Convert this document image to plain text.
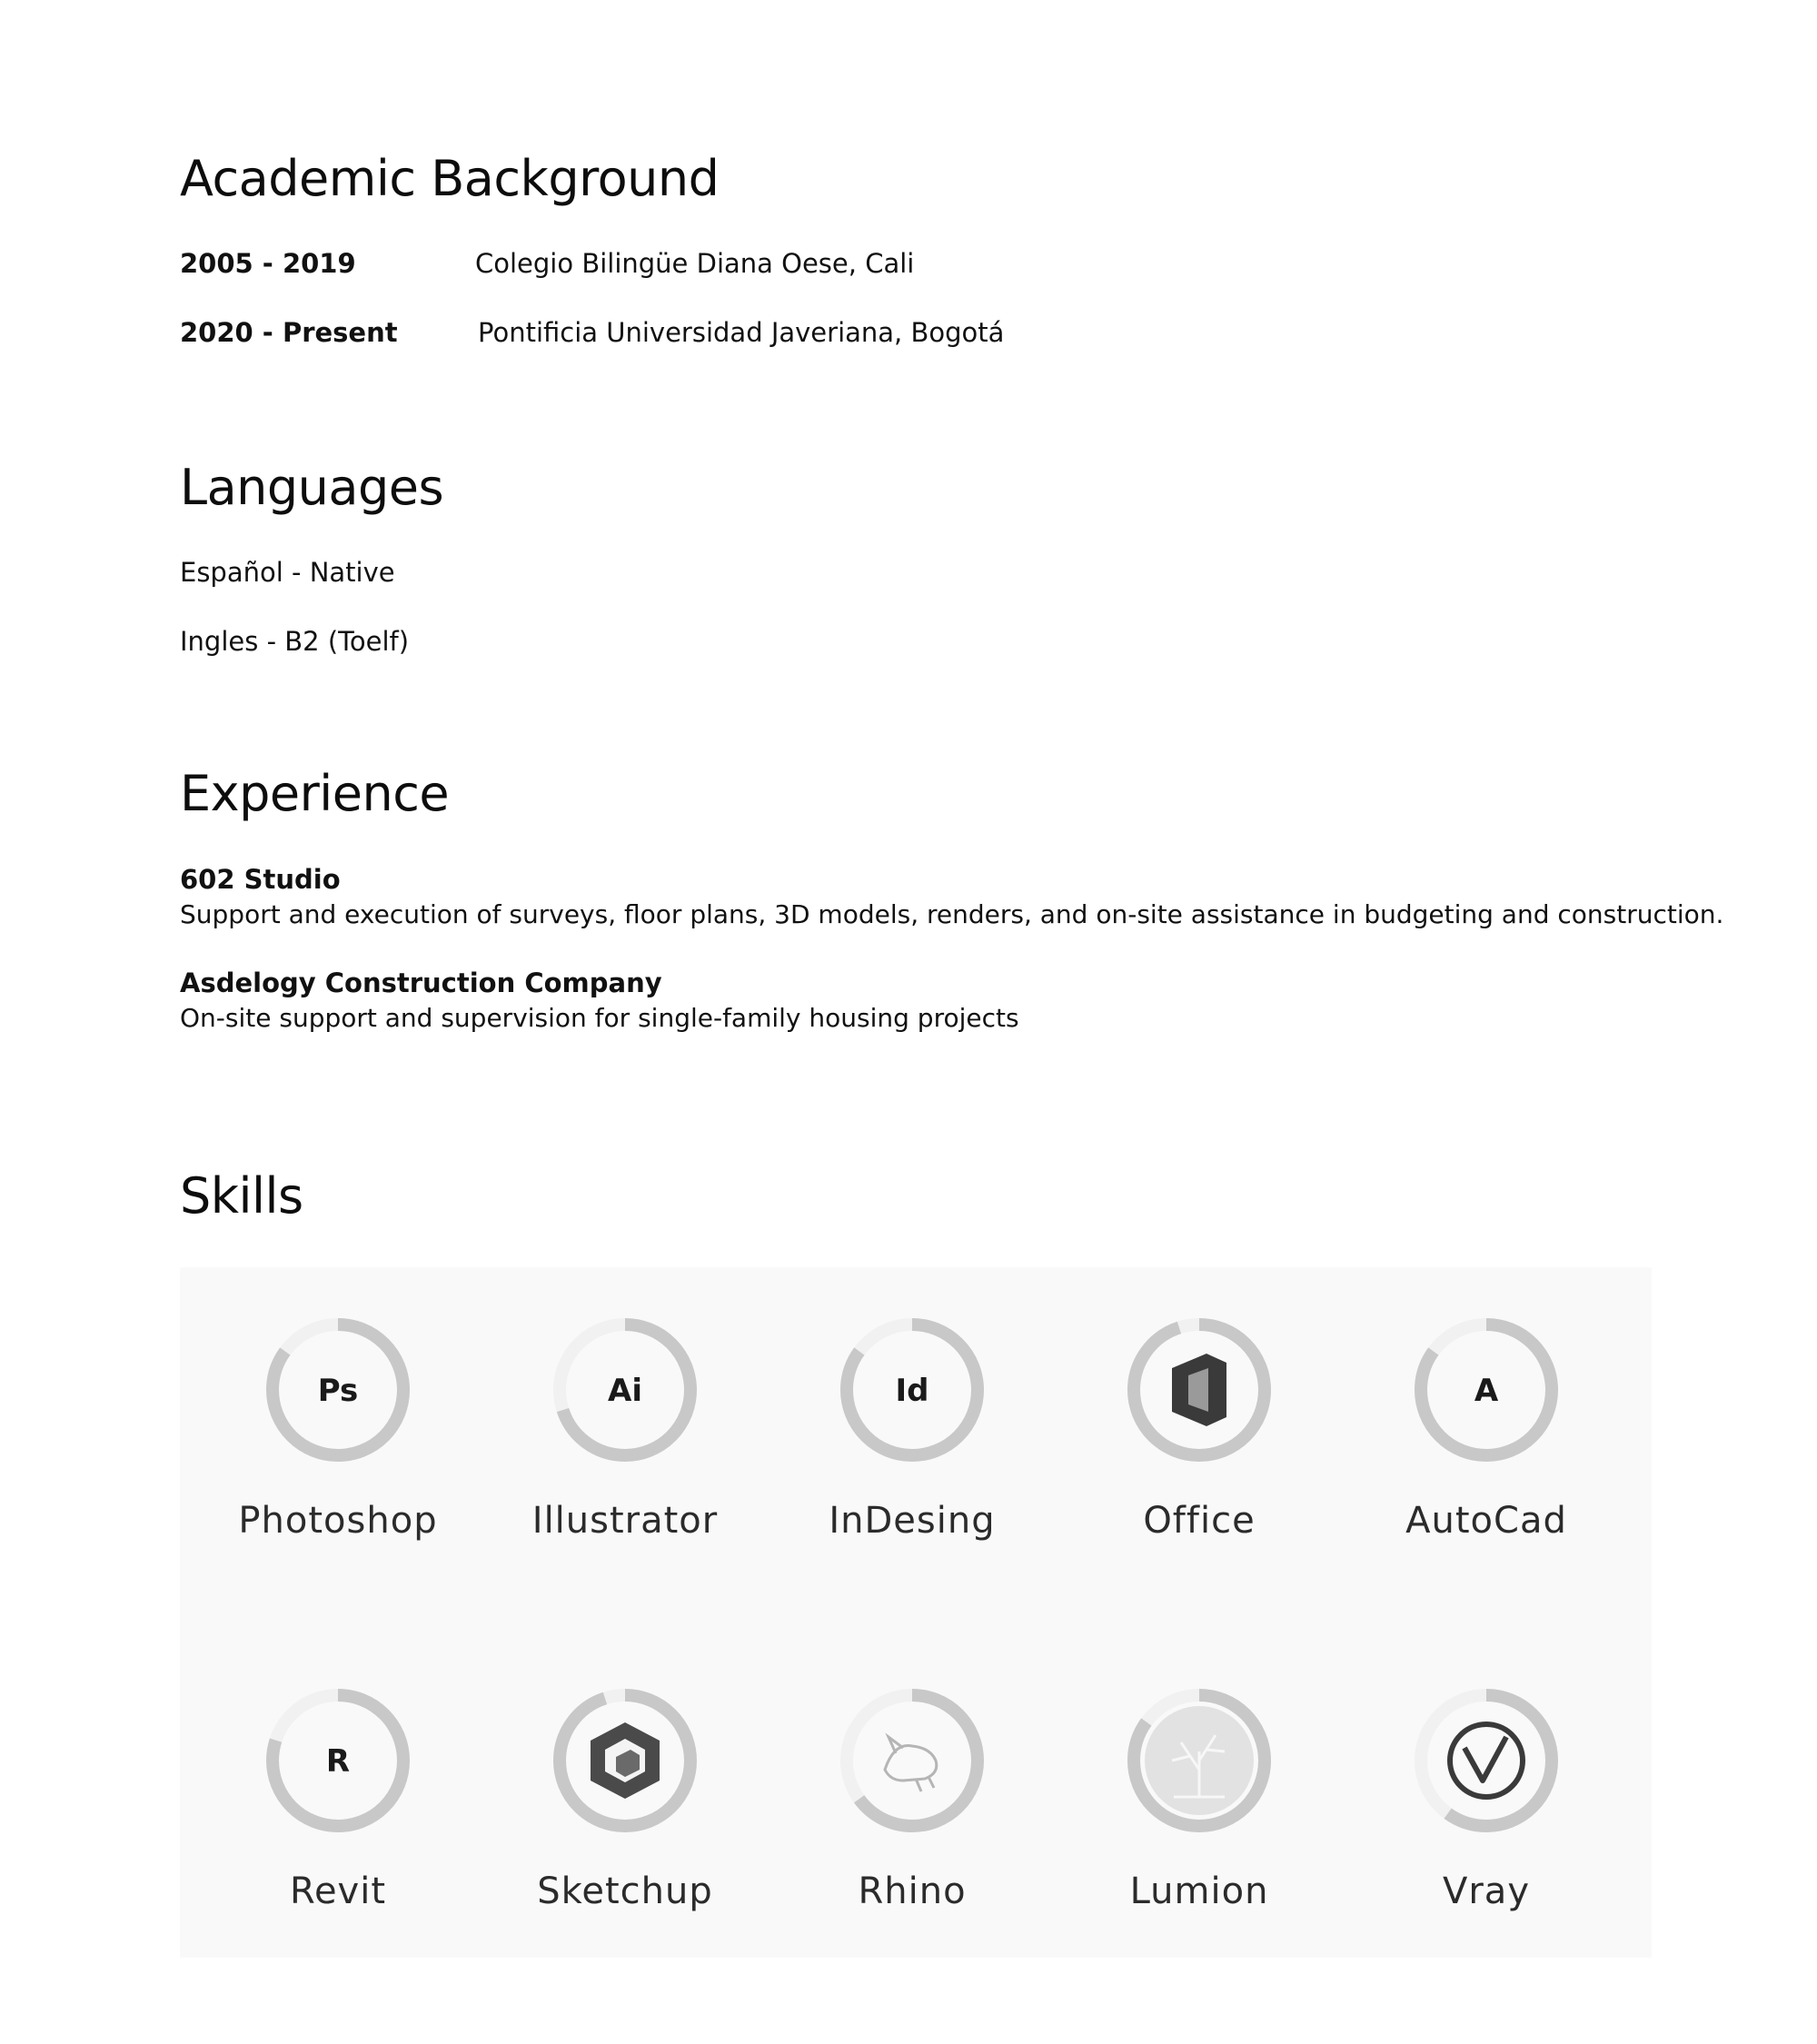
Academic Background
2005 - 2019	Colegio Bilingüe Diana Oese, Cali
2020 - Present	Pontificia Universidad Javeriana, Bogotá
Languages
Español - Native
Ingles - B2 (Toelf)
Experience
602 Studio
Support and execution of surveys, floor plans, 3D models, renders, and on-site assistance in budgeting and construction.
Asdelogy Construction Company
On-site support and supervision for single-family housing projects
Skills
Ps
Photoshop
Ai
Illustrator
Id
InDesing	Office
A
AutoCad
R
Revit	Sketchup	Rhino	Lumion	Vray
